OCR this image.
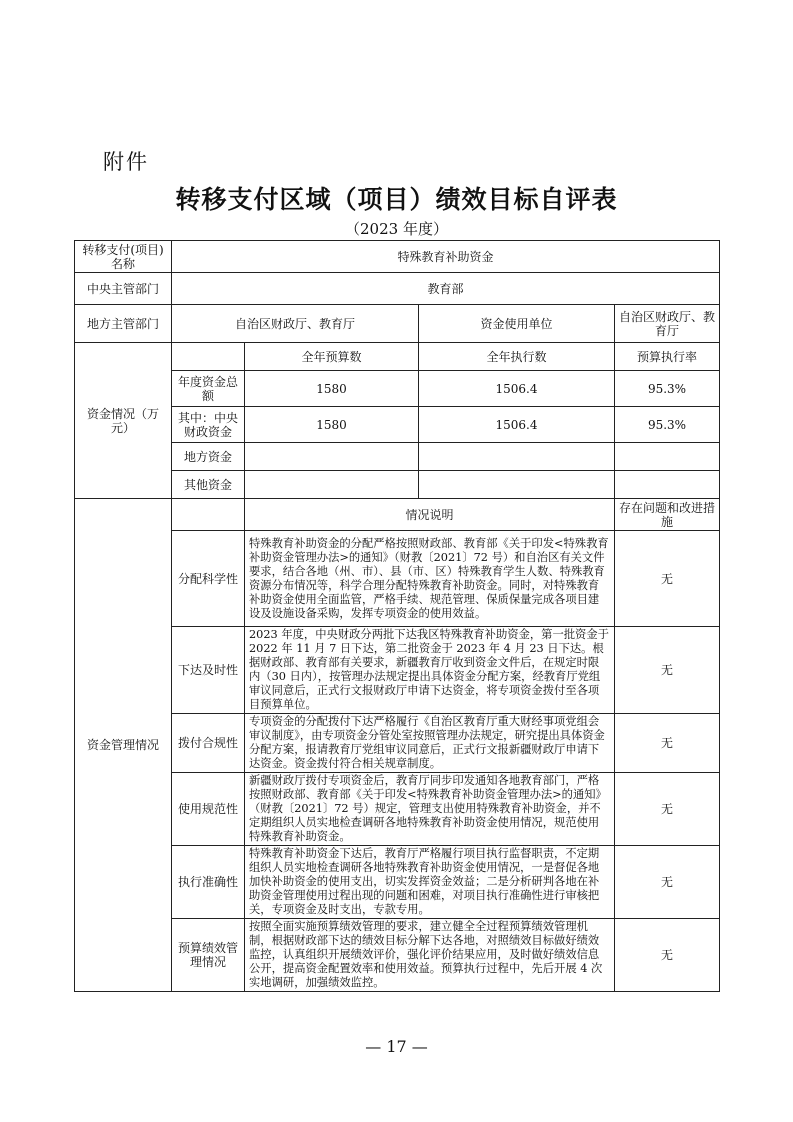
附件
转移支付区域（项目）绩效目标自评表
（2023 年度）
转移支付(项目)名称	特殊教育补助资金			
中央主管部门	教育部			
地方主管部门	自治区财政厅、教育厅		资金使用单位	自治区财政厅、教育厅
资金情况（万元）		全年预算数	全年执行数	预算执行率
	年度资金总额	1580	1506.4	95.3%
	其中：中央财政资金	1580	1506.4	95.3%
	地方资金			
	其他资金			
资金管理情况		情况说明		存在问题和改进措施
	分配科学性	特殊教育补助资金的分配严格按照财政部、教育部《关于印发<特殊教育补助资金管理办法>的通知》（财教〔2021〕72 号）和自治区有关文件要求，结合各地（州、市）、县（市、区）特殊教育学生人数、特殊教育资源分布情况等，科学合理分配特殊教育补助资金。同时，对特殊教育补助资金使用全面监管，严格手续、规范管理、保质保量完成各项目建设及设施设备采购，发挥专项资金的使用效益。		无
	下达及时性	2023 年度，中央财政分两批下达我区特殊教育补助资金，第一批资金于 2022 年 11 月 7 日下达，第二批资金于 2023 年 4 月 23 日下达。根据财政部、教育部有关要求，新疆教育厅收到资金文件后，在规定时限内（30 日内），按管理办法规定提出具体资金分配方案，经教育厅党组审议同意后，正式行文报财政厅申请下达资金，将专项资金拨付至各项目预算单位。		无
	拨付合规性	专项资金的分配拨付下达严格履行《自治区教育厅重大财经事项党组会审议制度》，由专项资金分管处室按照管理办法规定，研究提出具体资金分配方案，报请教育厅党组审议同意后，正式行文报新疆财政厅申请下达资金。资金拨付符合相关规章制度。		无
	使用规范性	新疆财政厅拨付专项资金后，教育厅同步印发通知各地教育部门，严格按照财政部、教育部《关于印发<特殊教育补助资金管理办法>的通知》（财教〔2021〕72 号）规定，管理支出使用特殊教育补助资金，并不定期组织人员实地检查调研各地特殊教育补助资金使用情况，规范使用特殊教育补助资金。		无
	执行准确性	特殊教育补助资金下达后，教育厅严格履行项目执行监督职责，不定期组织人员实地检查调研各地特殊教育补助资金使用情况，一是督促各地加快补助资金的使用支出，切实发挥资金效益；二是分析研判各地在补助资金管理使用过程出现的问题和困难，对项目执行准确性进行审核把关，专项资金及时支出，专款专用。		无
	预算绩效管理情况	按照全面实施预算绩效管理的要求，建立健全全过程预算绩效管理机制，根据财政部下达的绩效目标分解下达各地，对照绩效目标做好绩效监控，认真组织开展绩效评价，强化评价结果应用，及时做好绩效信息公开，提高资金配置效率和使用效益。预算执行过程中，先后开展 4 次实地调研，加强绩效监控。		无
— 17 —
